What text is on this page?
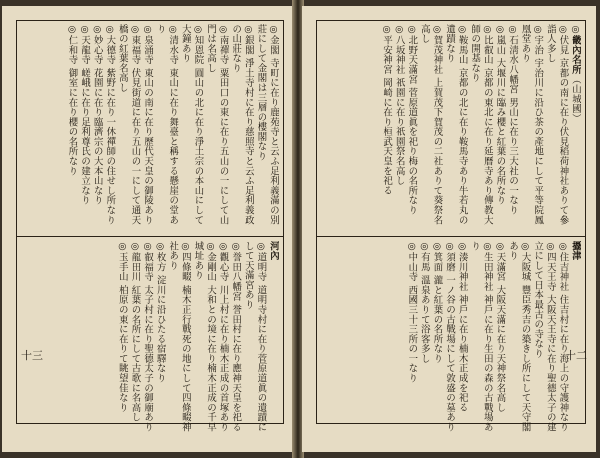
◎金閣 寺町に在り鹿苑寺と云ふ足利義滿の別莊にして金閣は三層の樓閣なり
◎銀閣 淨土寺村に在り慈照寺と云ふ足利義政の山莊なり
◎南禪寺 粟田口の東に在り五山の一にして山門は名高し
◎知恩院 圓山の北に在り淨土宗の本山にして大鐘あり
◎清水寺 東山に在り舞臺と稱する懸崖の堂あり
◎泉涌寺 東山の南に在り歷代天皇の御陵あり
◎東福寺 伏見街道に在り五山の一にして通天橋の紅葉名高し
◎大德寺 紫野に在り一休禪師の住せし所なり
◎妙心寺 花園に在り臨濟宗の大本山なり
◎天龍寺 嵯峨に在り足利尊氏の建立なり
◎仁和寺 御室に在り櫻の名所なり
河內
◎道明寺 道明寺村に在り菅原道眞の遺蹟にして天滿宮あり
◎誉田八幡宮 誉田村に在り應神天皇を祀る
◎觀心寺 川上村に在り楠木正成の首塚あり
◎金剛山 大和との境に在り楠木正成の千早城址あり
◎四條畷 楠木正行戰死の地にして四條畷神社あり
◎枚方 淀川に沿ひたる宿驛なり
◎叡福寺 太子村に在り聖德太子の御廟あり
◎龍田川 紅葉の名所にして古歌に名高し
◎玉手山 柏原の東に在りて眺望佳なり
十三
◎畿內名所（山城國）
◎伏見 京都の南に在り伏見稻荷神社ありて參詣人多し
◎宇治 宇治川に沿ひ茶の產地にして平等院鳳凰堂あり
◎石淸水八幡宮 男山に在り三大社の一なり
◎嵐山 大堰川に臨み櫻と紅葉の名所なり
◎比叡山 京都の東北に在り延曆寺あり傳教大師の開基なり
◎鞍馬山 京都の北に在り鞍馬寺あり牛若丸の遺蹟なり
◎賀茂神社 上賀茂下賀茂の二社ありて葵祭名高し
◎北野天滿宮 菅原道眞を祀り梅の名所なり
◎八坂神社 祇園に在り祇園祭名高し
◎平安神宮 岡崎に在り桓武天皇を祀る
攝津
◎住吉神社 住吉村に在り海上の守護神なり
◎四天王寺 大阪天王寺に在り聖德太子の建立にして日本最古の寺なり
◎大阪城 豐臣秀吉の築きし所にして天守閣あり
◎天滿宮 大阪天滿に在り天神祭名高し
◎生田神社 神戶に在り生田の森の古戰場あり
◎湊川神社 神戶に在り楠木正成を祀る
◎須磨 一ノ谷の古戰場にして敦盛の墓あり
◎箕面 瀧と紅葉の名所なり
◎有馬 溫泉ありて浴客多し
◎中山寺 西國三十三所の一なり	十二
